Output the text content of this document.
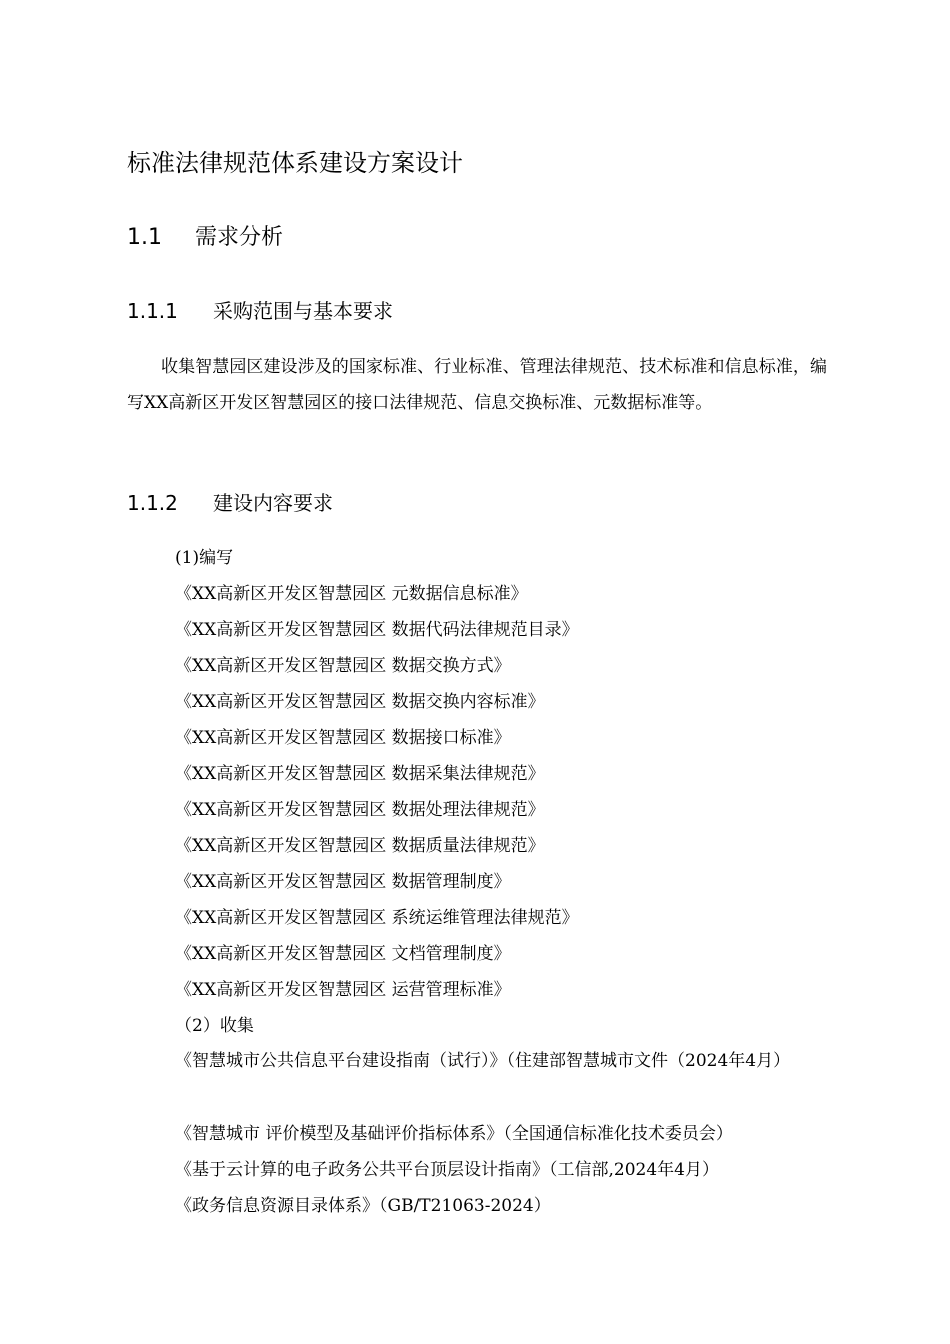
标准法律规范体系建设方案设计
1.1 需求分析
1.1.1 采购范围与基本要求
收集智慧园区建设涉及的国家标准、行业标准、管理法律规范、技术标准和信息标准，编写XX高新区开发区智慧园区的接口法律规范、信息交换标准、元数据标准等。
1.1.2 建设内容要求
(1)编写
《XX高新区开发区智慧园区 元数据信息标准》
《XX高新区开发区智慧园区 数据代码法律规范目录》
《XX高新区开发区智慧园区 数据交换方式》
《XX高新区开发区智慧园区 数据交换内容标准》
《XX高新区开发区智慧园区 数据接口标准》
《XX高新区开发区智慧园区 数据采集法律规范》
《XX高新区开发区智慧园区 数据处理法律规范》
《XX高新区开发区智慧园区 数据质量法律规范》
《XX高新区开发区智慧园区 数据管理制度》
《XX高新区开发区智慧园区 系统运维管理法律规范》
《XX高新区开发区智慧园区 文档管理制度》
《XX高新区开发区智慧园区 运营管理标准》
（2）收集
《智慧城市公共信息平台建设指南（试行）》（住建部智慧城市文件（2024年4月）
《智慧城市 评价模型及基础评价指标体系》（全国通信标准化技术委员会）
《基于云计算的电子政务公共平台顶层设计指南》（工信部,2024年4月）
《政务信息资源目录体系》（GB/T21063-2024）
